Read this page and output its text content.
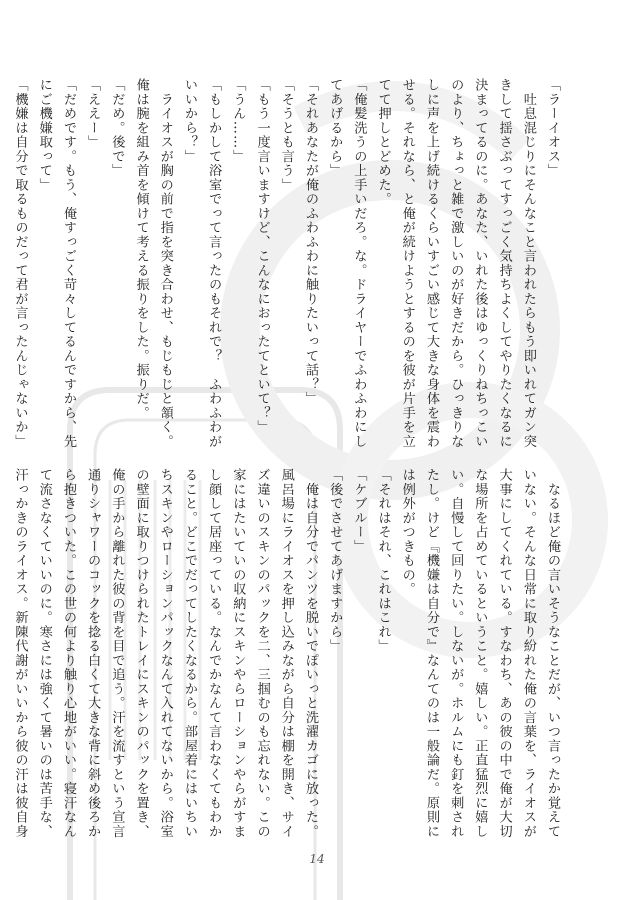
「ラーイオス」
　吐息混じりにそんなこと言われたらもう即いれてガン突
きして揺さぶってすっごく気持ちよくしてやりたくなるに
決まってるのに。あなた、いれた後はゆっくりねちっこい
のより、ちょっと雑で激しいのが好きだから。ひっきりな
しに声を上げ続けるくらいすごい感じて大きな身体を震わ
せる。それなら、と俺が続けようとするのを彼が片手を立
てて押しとどめた。
「俺髪洗うの上手いだろ。な。ドライヤーでふわふわにし
てあげるから」
「それあなたが俺のふわふわに触りたいって話？」
「そうとも言う」
「もう一度言いますけど、こんなにおったてといて？」
「うん……」
「もしかして浴室でって言ったのもそれで？　ふわふわが
いいから？」
　ライオスが胸の前で指を突き合わせ、もじもじと頷く。
俺は腕を組み首を傾けて考える振りをした。振りだ。
「だめ。後で」
「ええー」
「だめです。もう、俺すっごく苛々してるんですから、先
にご機嫌取って」
「機嫌は自分で取るものだって君が言ったんじゃないか」
　なるほど俺の言いそうなことだが、いつ言ったか覚えて
いない。そんな日常に取り紛れた俺の言葉を、ライオスが
大事にしてくれている。すなわち、あの彼の中で俺が大切
な場所を占めているということ。嬉しい。正直猛烈に嬉し
い。自慢して回りたい。しないが。ホルムにも釘を刺され
たし。けど『機嫌は自分で』なんてのは一般論だ。原則に
は例外がつきもの。
「それはそれ、これはこれ」
「ケブルー」
「後でさせてあげますから」
　俺は自分でパンツを脱いでぽいっと洗濯カゴに放った。
風呂場にライオスを押し込みながら自分は棚を開き、サイ
ズ違いのスキンのパックを二、三掴むのも忘れない。この
家にはたいていの収納にスキンやらローションやらがすま
し顔して居座っている。なんでかなんて言わなくてもわか
ること。どこでだってしたくなるから。部屋着にはいちい
ちスキンやローションパックなんて入れてないから。浴室
の壁面に取りつけられたトレイにスキンのパックを置き、
俺の手から離れた彼の背を目で追う。汗を流すという宣言
通りシャワーのコックを捻る白くて大きな背に斜め後ろか
ら抱きついた。この世の何より触り心地がいい。寝汗なん
て流さなくていいのに。寒さには強くて暑いのは苦手な、
汗っかきのライオス。新陳代謝がいいから彼の汗は彼自身
14
